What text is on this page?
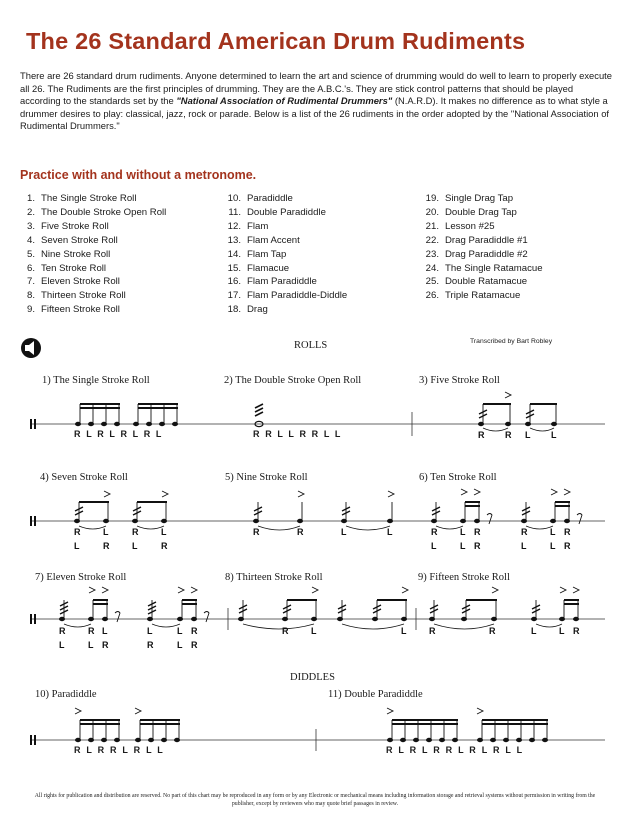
The 26 Standard American Drum Rudiments
There are 26 standard drum rudiments. Anyone determined to learn the art and science of drumming would do well to learn to properly execute all 26. The Rudiments are the first principles of drumming. They are the A.B.C.'s. They are stick control patterns that should be played according to the standards set by the "National Association of Rudimental Drummers" (N.A.R.D). It makes no difference as to what style a drummer desires to play: classical, jazz, rock or parade. Below is a list of the 26 rudiments in the order adopted by the "National Association of Rudimental Drummers."
Practice with and without a metronome.
1. The Single Stroke Roll
2. The Double Stroke Open Roll
3. Five Stroke Roll
4. Seven Stroke Roll
5. Nine Stroke Roll
6. Ten Stroke Roll
7. Eleven Stroke Roll
8. Thirteen Stroke Roll
9. Fifteen Stroke Roll
10. Paradiddle
11. Double Paradiddle
12. Flam
13. Flam Accent
14. Flam Tap
15. Flamacue
16. Flam Paradiddle
17. Flam Paradiddle-Diddle
18. Drag
19. Single Drag Tap
20. Double Drag Tap
21. Lesson #25
22. Drag Paradiddle #1
23. Drag Paradiddle #2
24. The Single Ratamacue
25. Double Ratamacue
26. Triple Ratamacue
R R L L
R
L
L
R
R
L
L
R
R	R	L	L	R
L
L
L
R
R
R
L
L
L
R
R
R
L
R
L
L
R
L
R
L
L
R
R
R	L	L	R	R	L	L R
ROLLS	Transcribed by Bart Robley
DIDDLES
1) The Single Stroke Roll	2) The Double Stroke Open Roll	3) Five Stroke Roll
4) Seven Stroke Roll	5) Nine Stroke Roll	6) Ten Stroke Roll
7) Eleven Stroke Roll	8) Thirteen Stroke Roll	9) Fifteen Stroke Roll
10) Paradiddle	11) Double Paradiddle
R L R L R L R L	R R L L R R L L
R L R R L R L L	R L R L R R L R L R L L
All rights for publication and distribution are reserved. No part of this chart may be reproduced in any form or by any Electronic or mechanical means including information storage and retrieval systems without permission in writing from the publisher, except by reviewers who may quote brief passages in review.
